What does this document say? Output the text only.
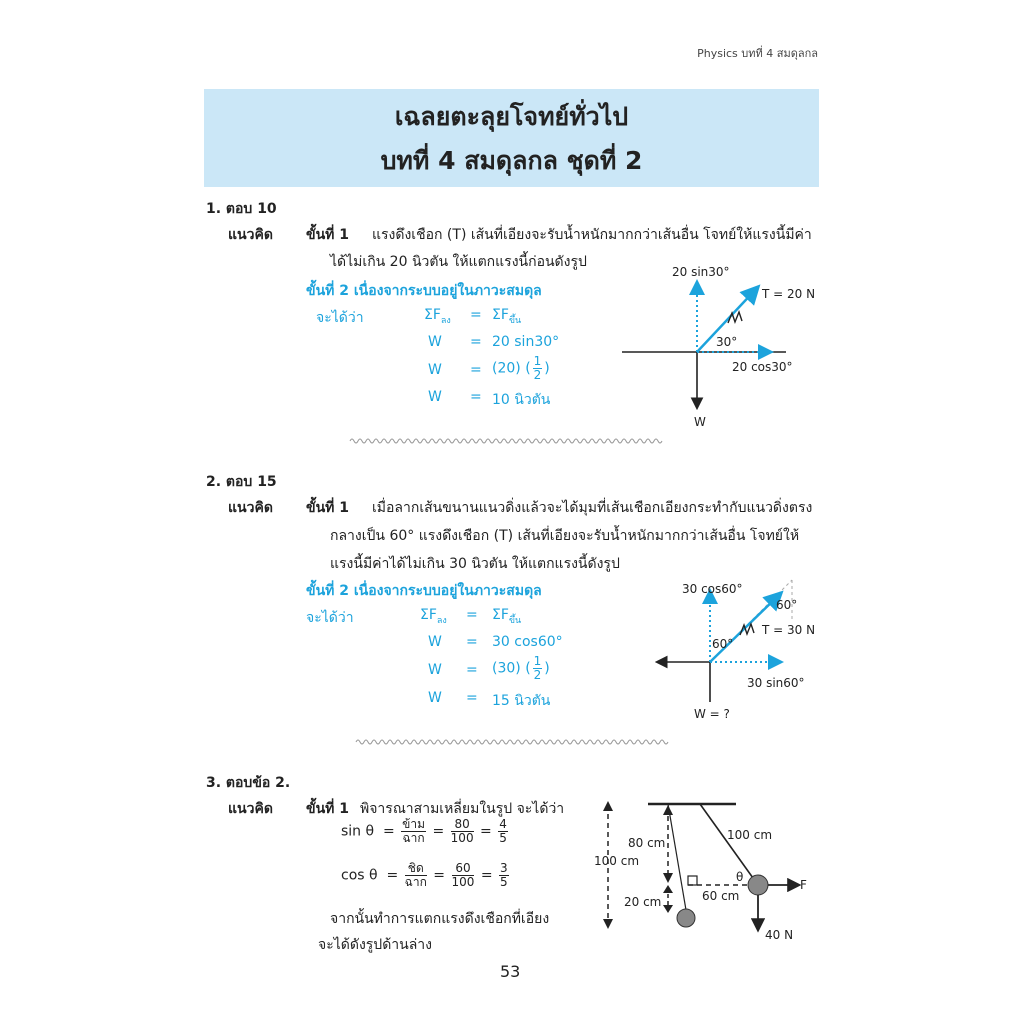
Physics บทที่ 4 สมดุลกล
เฉลยตะลุยโจทย์ทั่วไป
บทที่ 4 สมดุลกล ชุดที่ 2
1. ตอบ 10
แนวคิด ขั้นที่ 1 แรงดึงเชือก (T) เส้นที่เอียงจะรับน้ำหนักมากกว่าเส้นอื่น โจทย์ให้แรงนี้มีค่า
ได้ไม่เกิน 20 นิวตัน ให้แตกแรงนี้ก่อนดังรูป
ขั้นที่ 2 เนื่องจากระบบอยู่ในภาวะสมดุล
จะได้ว่า	$\Sigma F_{ลง} = \Sigma F_{ขึ้น}$
W = 20 sin30°
W = (20) ( $\frac{1}{2}$ )
W = 10 นิวตัน
20 sin30°
T = 20 N
30°
20 cos30°
W
2. ตอบ 15
แนวคิด ขั้นที่ 1 เมื่อลากเส้นขนานแนวดิ่งแล้วจะได้มุมที่เส้นเชือกเอียงกระทำกับแนวดิ่งตรง
กลางเป็น 60° แรงดึงเชือก (T) เส้นที่เอียงจะรับน้ำหนักมากกว่าเส้นอื่น โจทย์ให้
แรงนี้มีค่าได้ไม่เกิน 30 นิวตัน ให้แตกแรงนี้ดังรูป
ขั้นที่ 2 เนื่องจากระบบอยู่ในภาวะสมดุล
จะได้ว่า	$\Sigma F_{ลง} = \Sigma F_{ขึ้น}$
W = 30 cos60°
W = (30) ( $\frac{1}{2}$ )
W = 15 นิวตัน
30 cos60°
60°
T = 30 N
60°
30 sin60°
W = ?
3. ตอบข้อ 2.
แนวคิด ขั้นที่ 1 พิจารณาสามเหลี่ยมในรูป จะได้ว่า
$\sin \theta = \frac{\text{ข้าม}}{\text{ฉาก}} = \frac{80}{100} = \frac{4}{5}$
$\cos \theta = \frac{\text{ชิด}}{\text{ฉาก}} = \frac{60}{100} = \frac{3}{5}$
จากนั้นทำการแตกแรงดึงเชือกที่เอียง
จะได้ดังรูปด้านล่าง
100 cm
80 cm
100 cm
θ
F
60 cm
20 cm
40 N
53
